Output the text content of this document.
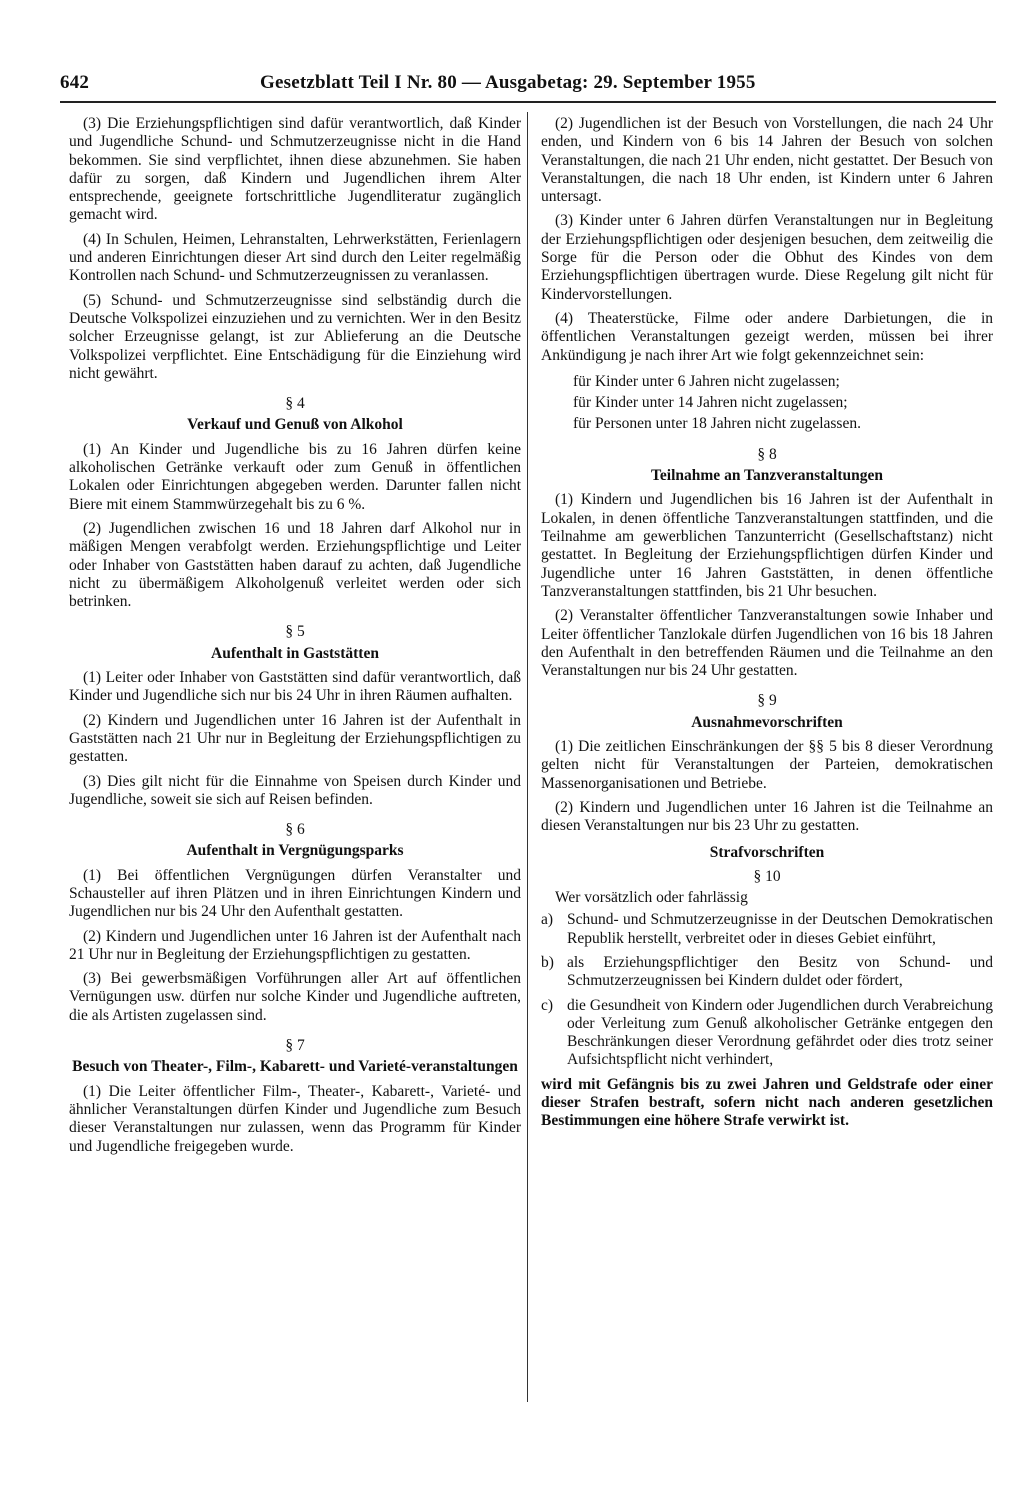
642	Gesetzblatt Teil I Nr. 80 — Ausgabetag: 29. September 1955

(3) Die Erziehungspflichtigen sind dafür verantwortlich, daß Kinder und Jugendliche Schund- und Schmutzerzeugnisse nicht in die Hand bekommen. Sie sind verpflichtet, ihnen diese abzunehmen. Sie haben dafür zu sorgen, daß Kindern und Jugendlichen ihrem Alter entsprechende, geeignete fortschrittliche Jugendliteratur zugänglich gemacht wird.

(4) In Schulen, Heimen, Lehranstalten, Lehrwerkstätten, Ferienlagern und anderen Einrichtungen dieser Art sind durch den Leiter regelmäßig Kontrollen nach Schund- und Schmutzerzeugnissen zu veranlassen.

(5) Schund- und Schmutzerzeugnisse sind selbständig durch die Deutsche Volkspolizei einzuziehen und zu vernichten. Wer in den Besitz solcher Erzeugnisse gelangt, ist zur Ablieferung an die Deutsche Volkspolizei verpflichtet. Eine Entschädigung für die Einziehung wird nicht gewährt.

§ 4
Verkauf und Genuß von Alkohol

(1) An Kinder und Jugendliche bis zu 16 Jahren dürfen keine alkoholischen Getränke verkauft oder zum Genuß in öffentlichen Lokalen oder Einrichtungen abgegeben werden. Darunter fallen nicht Biere mit einem Stammwürzegehalt bis zu 6 %.

(2) Jugendlichen zwischen 16 und 18 Jahren darf Alkohol nur in mäßigen Mengen verabfolgt werden. Erziehungspflichtige und Leiter oder Inhaber von Gaststätten haben darauf zu achten, daß Jugendliche nicht zu übermäßigem Alkoholgenuß verleitet werden oder sich betrinken.

§ 5
Aufenthalt in Gaststätten

(1) Leiter oder Inhaber von Gaststätten sind dafür verantwortlich, daß Kinder und Jugendliche sich nur bis 24 Uhr in ihren Räumen aufhalten.

(2) Kindern und Jugendlichen unter 16 Jahren ist der Aufenthalt in Gaststätten nach 21 Uhr nur in Begleitung der Erziehungspflichtigen zu gestatten.

(3) Dies gilt nicht für die Einnahme von Speisen durch Kinder und Jugendliche, soweit sie sich auf Reisen befinden.

§ 6
Aufenthalt in Vergnügungsparks

(1) Bei öffentlichen Vergnügungen dürfen Veranstalter und Schausteller auf ihren Plätzen und in ihren Einrichtungen Kindern und Jugendlichen nur bis 24 Uhr den Aufenthalt gestatten.

(2) Kindern und Jugendlichen unter 16 Jahren ist der Aufenthalt nach 21 Uhr nur in Begleitung der Erziehungspflichtigen zu gestatten.

(3) Bei gewerbsmäßigen Vorführungen aller Art auf öffentlichen Vernügungen usw. dürfen nur solche Kinder und Jugendliche auftreten, die als Artisten zugelassen sind.

§ 7
Besuch von Theater-, Film-, Kabarett- und Varieté-veranstaltungen

(1) Die Leiter öffentlicher Film-, Theater-, Kabarett-, Varieté- und ähnlicher Veranstaltungen dürfen Kinder und Jugendliche zum Besuch dieser Veranstaltungen nur zulassen, wenn das Programm für Kinder und Jugendliche freigegeben wurde.

(2) Jugendlichen ist der Besuch von Vorstellungen, die nach 24 Uhr enden, und Kindern von 6 bis 14 Jahren der Besuch von solchen Veranstaltungen, die nach 21 Uhr enden, nicht gestattet. Der Besuch von Veranstaltungen, die nach 18 Uhr enden, ist Kindern unter 6 Jahren untersagt.

(3) Kinder unter 6 Jahren dürfen Veranstaltungen nur in Begleitung der Erziehungspflichtigen oder desjenigen besuchen, dem zeitweilig die Sorge für die Person oder die Obhut des Kindes von dem Erziehungspflichtigen übertragen wurde. Diese Regelung gilt nicht für Kindervorstellungen.

(4) Theaterstücke, Filme oder andere Darbietungen, die in öffentlichen Veranstaltungen gezeigt werden, müssen bei ihrer Ankündigung je nach ihrer Art wie folgt gekennzeichnet sein:

für Kinder unter 6 Jahren nicht zugelassen;
für Kinder unter 14 Jahren nicht zugelassen;
für Personen unter 18 Jahren nicht zugelassen.
§ 8
Teilnahme an Tanzveranstaltungen

(1) Kindern und Jugendlichen bis 16 Jahren ist der Aufenthalt in Lokalen, in denen öffentliche Tanzveranstaltungen stattfinden, und die Teilnahme am gewerblichen Tanzunterricht (Gesellschaftstanz) nicht gestattet. In Begleitung der Erziehungspflichtigen dürfen Kinder und Jugendliche unter 16 Jahren Gaststätten, in denen öffentliche Tanzveranstaltungen stattfinden, bis 21 Uhr besuchen.

(2) Veranstalter öffentlicher Tanzveranstaltungen sowie Inhaber und Leiter öffentlicher Tanzlokale dürfen Jugendlichen von 16 bis 18 Jahren den Aufenthalt in den betreffenden Räumen und die Teilnahme an den Veranstaltungen nur bis 24 Uhr gestatten.

§ 9
Ausnahmevorschriften

(1) Die zeitlichen Einschränkungen der §§ 5 bis 8 dieser Verordnung gelten nicht für Veranstaltungen der Parteien, demokratischen Massenorganisationen und Betriebe.

(2) Kindern und Jugendlichen unter 16 Jahren ist die Teilnahme an diesen Veranstaltungen nur bis 23 Uhr zu gestatten.

Strafvorschriften
§ 10
Wer vorsätzlich oder fahrlässig
a) Schund- und Schmutzerzeugnisse in der Deutschen Demokratischen Republik herstellt, verbreitet oder in dieses Gebiet einführt,
b) als Erziehungspflichtiger den Besitz von Schund- und Schmutzerzeugnissen bei Kindern duldet oder fördert,
c) die Gesundheit von Kindern oder Jugendlichen durch Verabreichung oder Verleitung zum Genuß alkoholischer Getränke entgegen den Beschränkungen dieser Verordnung gefährdet oder dies trotz seiner Aufsichtspflicht nicht verhindert,

wird mit Gefängnis bis zu zwei Jahren und Geldstrafe oder einer dieser Strafen bestraft, sofern nicht nach anderen gesetzlichen Bestimmungen eine höhere Strafe verwirkt ist.
